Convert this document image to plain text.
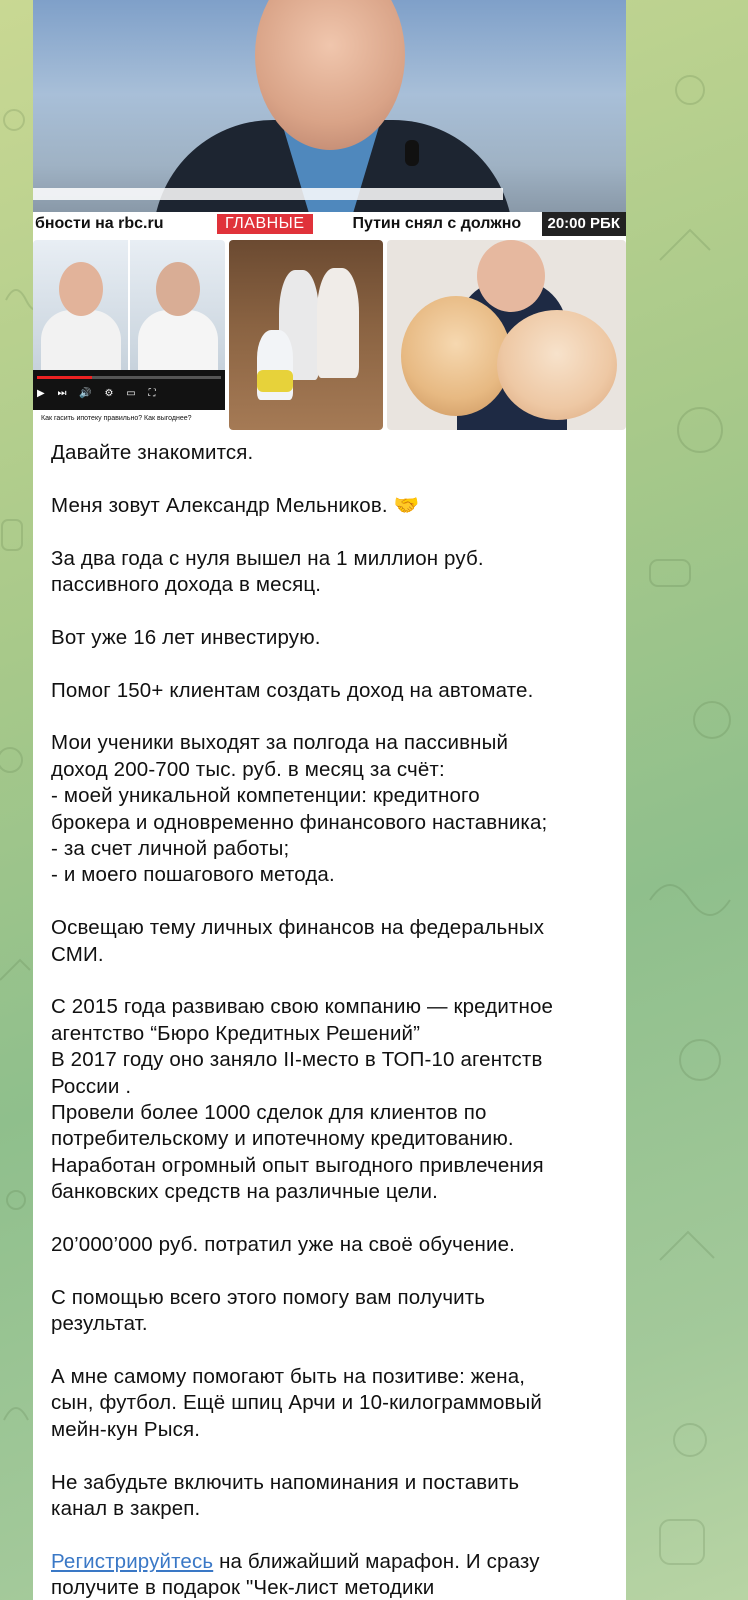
бности на rbc.ru	ГЛАВНЫЕ	Путин снял с должно	20:00 РБК
▶ ⏭ 🔊 ⚙ ▭ ⛶
Как гасить ипотеку правильно? Как выгоднее?

Давайте знакомится.

Меня зовут Александр Мельников. 🤝

За два года с нуля вышел на 1 миллион руб.
пассивного дохода в месяц.

Вот уже 16 лет инвестирую.

Помог 150+ клиентам создать доход на автомате.

Мои ученики выходят за полгода на пассивный
доход 200-700 тыс. руб. в месяц за счёт:
- моей уникальной компетенции: кредитного
брокера и одновременно финансового наставника;
- за счет личной работы;
- и моего пошагового метода.

Освещаю тему личных финансов на федеральных
СМИ.

С 2015 года развиваю свою компанию — кредитное
агентство “Бюро Кредитных Решений”
В 2017 году оно заняло II-место в ТОП-10 агентств
России .
Провели более 1000 сделок для клиентов по
потребительскому и ипотечному кредитованию.
Наработан огромный опыт выгодного привлечения
банковских средств на различные цели.

20’000’000 руб. потратил уже на своё обучение.

С помощью всего этого помогу вам получить
результат.

А мне самому помогают быть на позитиве: жена,
сын, футбол. Ещё шпиц Арчи и 10-килограммовый
мейн-кун Рыся.

Не забудьте включить напоминания и поставить
канал в закреп.

Регистрируйтесь на ближайший марафон. И сразу
получите в подарок "Чек-лист методики
